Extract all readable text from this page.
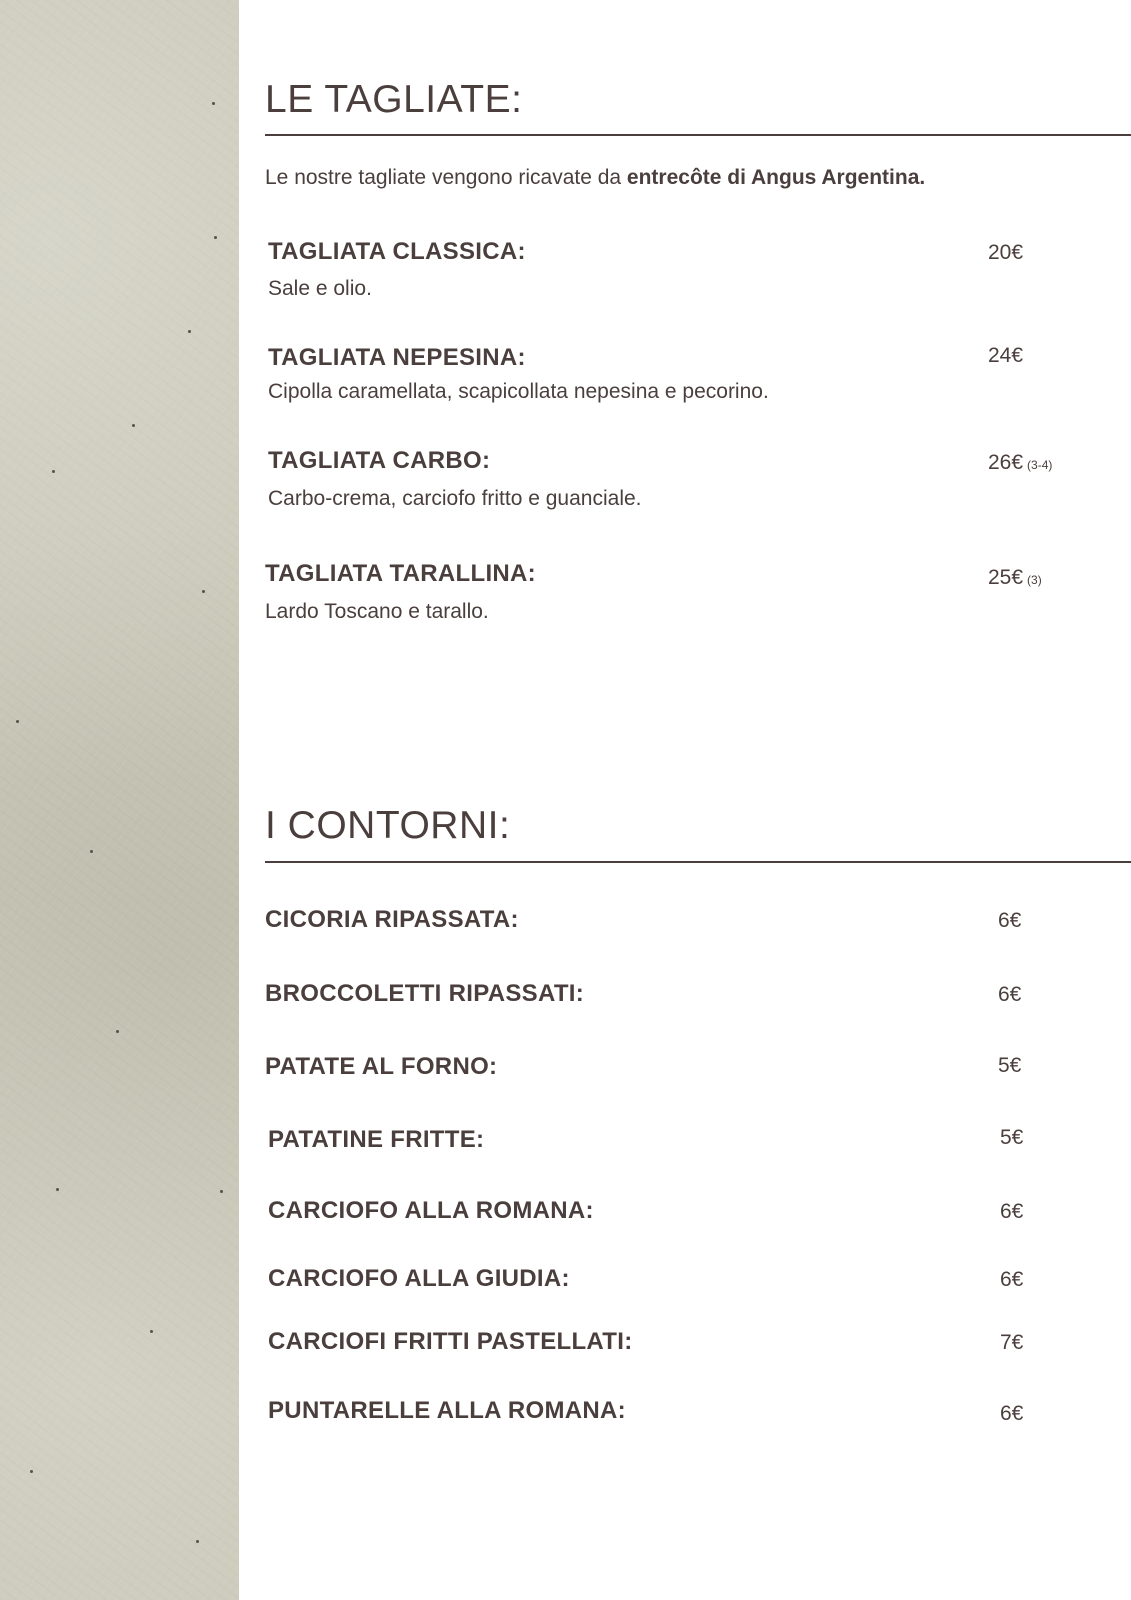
LE TAGLIATE:
Le nostre tagliate vengono ricavate da entrecôte di Angus Argentina.
TAGLIATA CLASSICA:
Sale e olio.
20€
TAGLIATA NEPESINA:
Cipolla caramellata, scapicollata nepesina e pecorino.
24€
TAGLIATA CARBO:
Carbo-crema, carciofo fritto e guanciale.
26€ (3-4)
TAGLIATA TARALLINA:
Lardo Toscano e tarallo.
25€ (3)
I CONTORNI:
CICORIA RIPASSATA:	6€
BROCCOLETTI RIPASSATI:	6€
PATATE AL FORNO:	5€
PATATINE FRITTE:	5€
CARCIOFO ALLA ROMANA:	6€
CARCIOFO ALLA GIUDIA:	6€
CARCIOFI FRITTI PASTELLATI:	7€
PUNTARELLE ALLA ROMANA:	6€
